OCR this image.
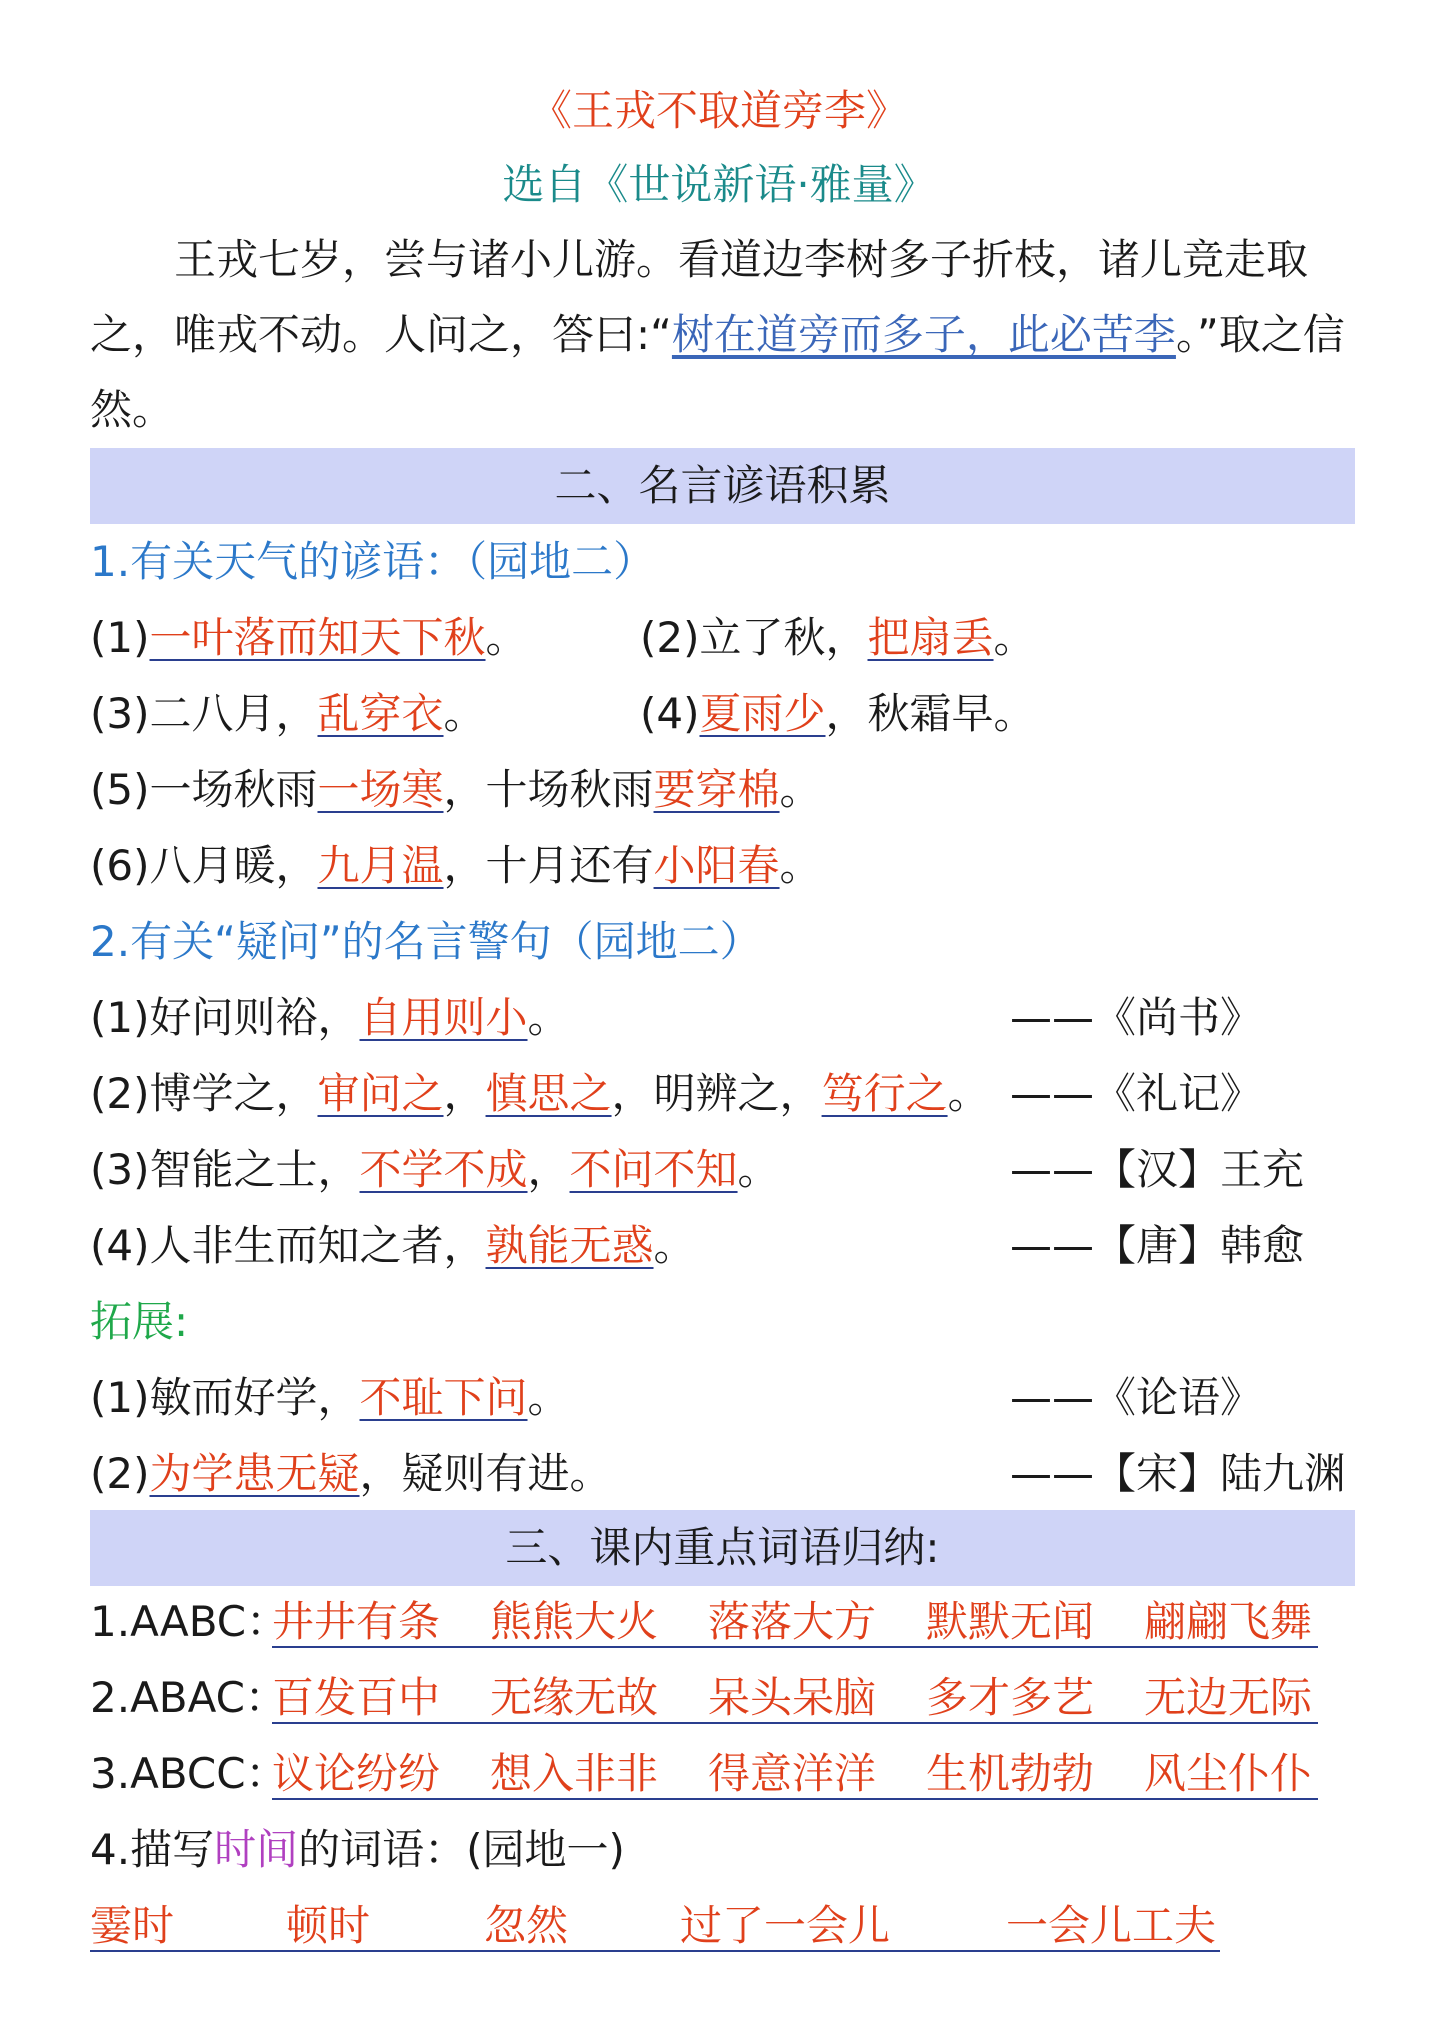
《王戎不取道旁李》
选自《世说新语·雅量》
王戎七岁，尝与诸小儿游。看道边李树多子折枝，诸儿竞走取之，唯戎不动。人问之，答曰:“树在道旁而多子，此必苦李。”取之信然。
二、名言谚语积累
1.有关天气的谚语：（园地二）
(1)一叶落而知天下秋。	(2)立了秋，把扇丢。
(3)二八月，乱穿衣。	(4)夏雨少，秋霜早。
(5)一场秋雨一场寒，十场秋雨要穿棉。
(6)八月暖，九月温，十月还有小阳春。
2.有关“疑问”的名言警句（园地二）
(1)好问则裕，自用则小。	——《尚书》
(2)博学之，审问之，慎思之，明辨之，笃行之。 ——《礼记》
(3)智能之士，不学不成，不问不知。	——【汉】王充
(4)人非生而知之者，孰能无惑。	——【唐】韩愈
拓展:
(1)敏而好学，不耻下问。	——《论语》
(2)为学患无疑，疑则有进。	——【宋】陆九渊
三、课内重点词语归纳:
1.AABC：
井井有条 熊熊大火 落落大方 默默无闻 翩翩飞舞
2.ABAC：
百发百中 无缘无故 呆头呆脑 多才多艺 无边无际
3.ABCC：
议论纷纷 想入非非 得意洋洋 生机勃勃 风尘仆仆
4.描写时间的词语：(园地一)
霎时	顿时	忽然	过了一会儿	一会儿工夫
